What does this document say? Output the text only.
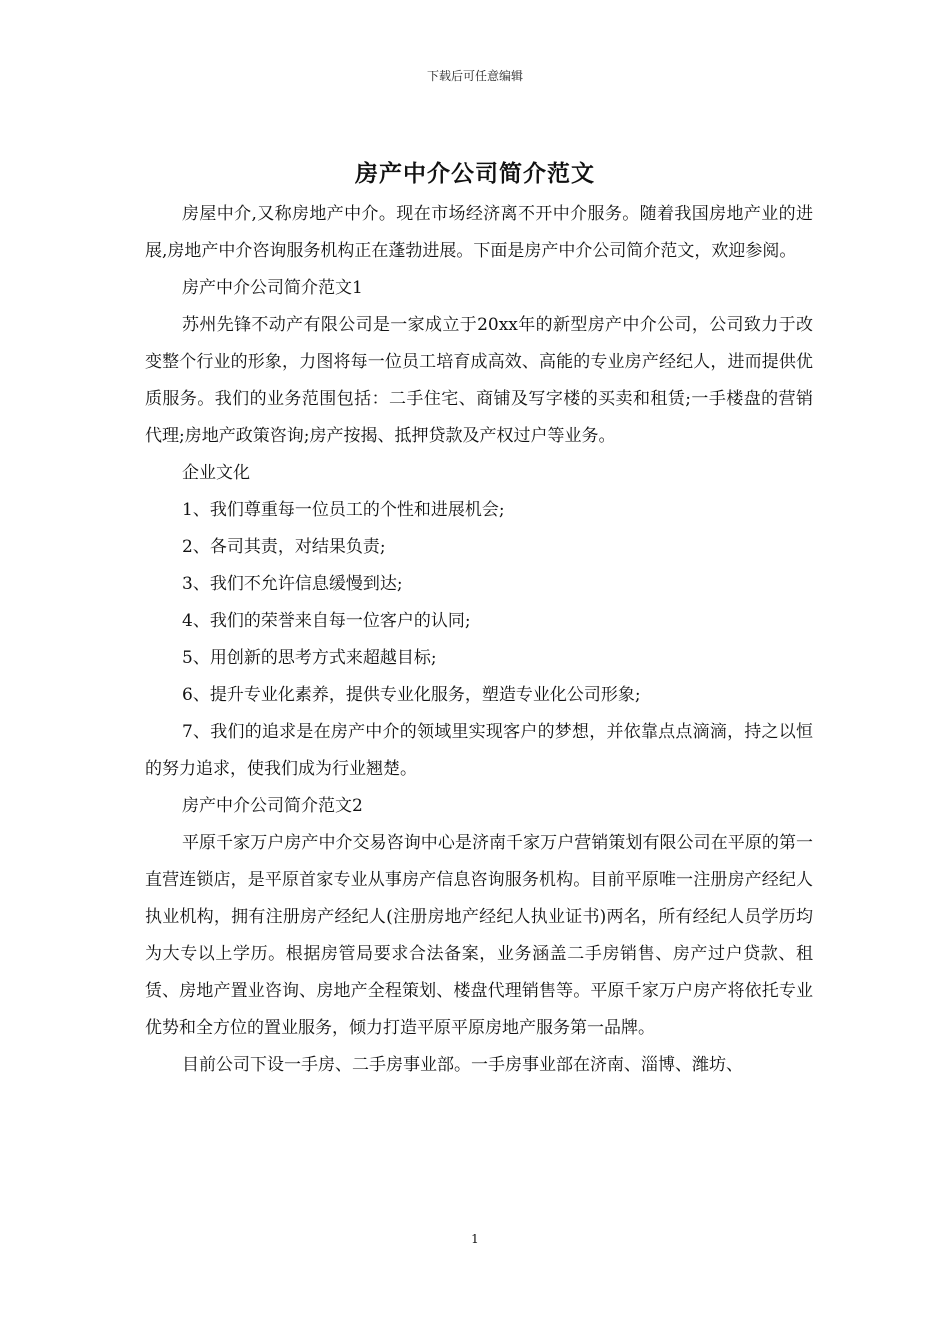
下载后可任意编辑
房产中介公司简介范文

房屋中介,又称房地产中介。现在市场经济离不开中介服务。随着我国房地产业的进展,房地产中介咨询服务机构正在蓬勃进展。下面是房产中介公司简介范文，欢迎参阅。

房产中介公司简介范文1

苏州先锋不动产有限公司是一家成立于20xx年的新型房产中介公司，公司致力于改变整个行业的形象，力图将每一位员工培育成高效、高能的专业房产经纪人，进而提供优质服务。我们的业务范围包括：二手住宅、商铺及写字楼的买卖和租赁;一手楼盘的营销代理;房地产政策咨询;房产按揭、抵押贷款及产权过户等业务。

企业文化

1、我们尊重每一位员工的个性和进展机会;

2、各司其责，对结果负责;

3、我们不允许信息缓慢到达;

4、我们的荣誉来自每一位客户的认同;

5、用创新的思考方式来超越目标;

6、提升专业化素养，提供专业化服务，塑造专业化公司形象;

7、我们的追求是在房产中介的领域里实现客户的梦想，并依靠点点滴滴，持之以恒的努力追求，使我们成为行业翘楚。

房产中介公司简介范文2

平原千家万户房产中介交易咨询中心是济南千家万户营销策划有限公司在平原的第一直营连锁店，是平原首家专业从事房产信息咨询服务机构。目前平原唯一注册房产经纪人执业机构，拥有注册房产经纪人(注册房地产经纪人执业证书)两名，所有经纪人员学历均为大专以上学历。根据房管局要求合法备案，业务涵盖二手房销售、房产过户贷款、租赁、房地产置业咨询、房地产全程策划、楼盘代理销售等。平原千家万户房产将依托专业优势和全方位的置业服务，倾力打造平原平原房地产服务第一品牌。

目前公司下设一手房、二手房事业部。一手房事业部在济南、淄博、潍坊、

1
